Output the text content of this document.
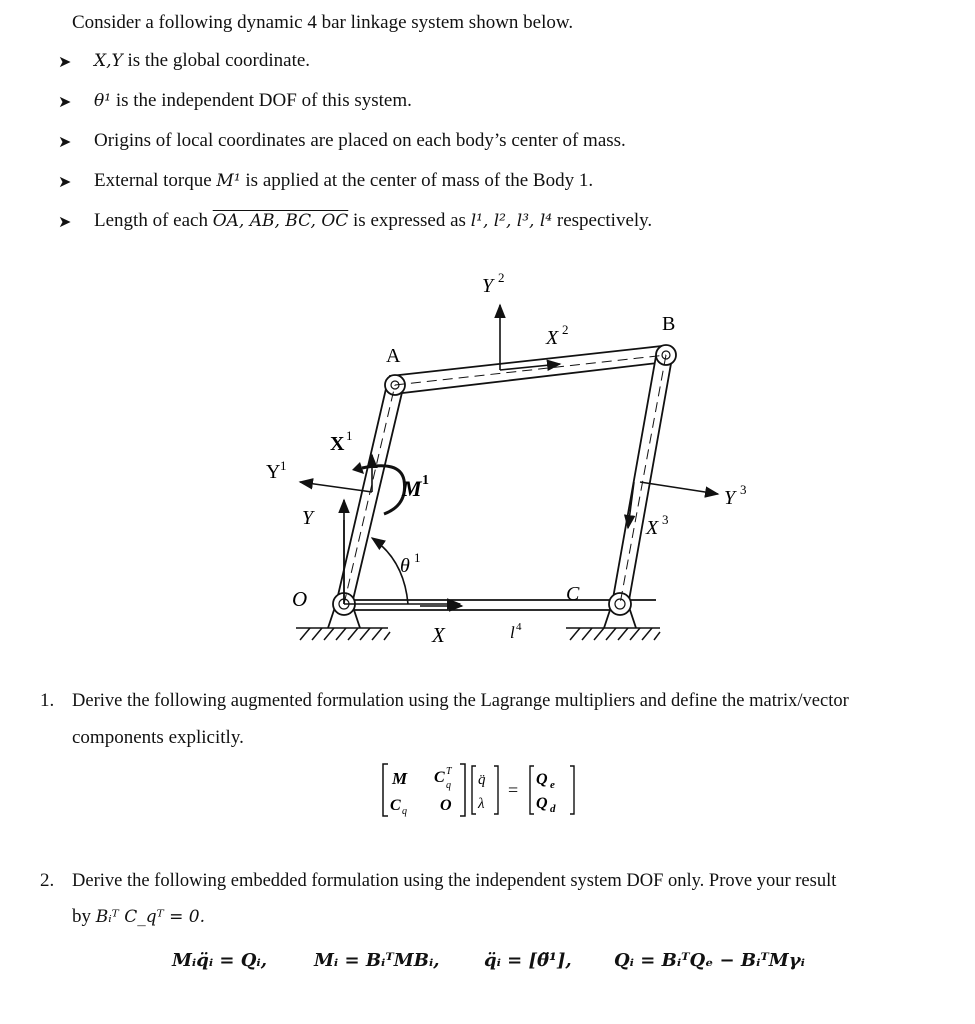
Consider a following dynamic 4 bar linkage system shown below.
➤ X,Y is the global coordinate.
➤ θ¹ is the independent DOF of this system.
➤ Origins of local coordinates are placed on each body’s center of mass.
➤ External torque M¹ is applied at the center of mass of the Body 1.
➤ Length of each OA, AB, BC, OC is expressed as l¹, l², l³, l⁴ respectively.
A
B
C
O
X
Y
X 1
Y 1
Y 2
X 2
X 3
Y 3
M 1
θ 1
l 4
1. Derive the following augmented formulation using the Lagrange multipliers and define the matrix/vector
components explicitly.
M C T
q
C q O
q̈
λ
=
Q e
Q d
2. Derive the following embedded formulation using the independent system DOF only. Prove your result
by Bᵢᵀ C_qᵀ = 0.
Mᵢq̈ᵢ = Qᵢ,	Mᵢ = BᵢᵀMBᵢ, q̈ᵢ = [θ̈¹], Qᵢ = BᵢᵀQₑ − BᵢᵀMγᵢ
